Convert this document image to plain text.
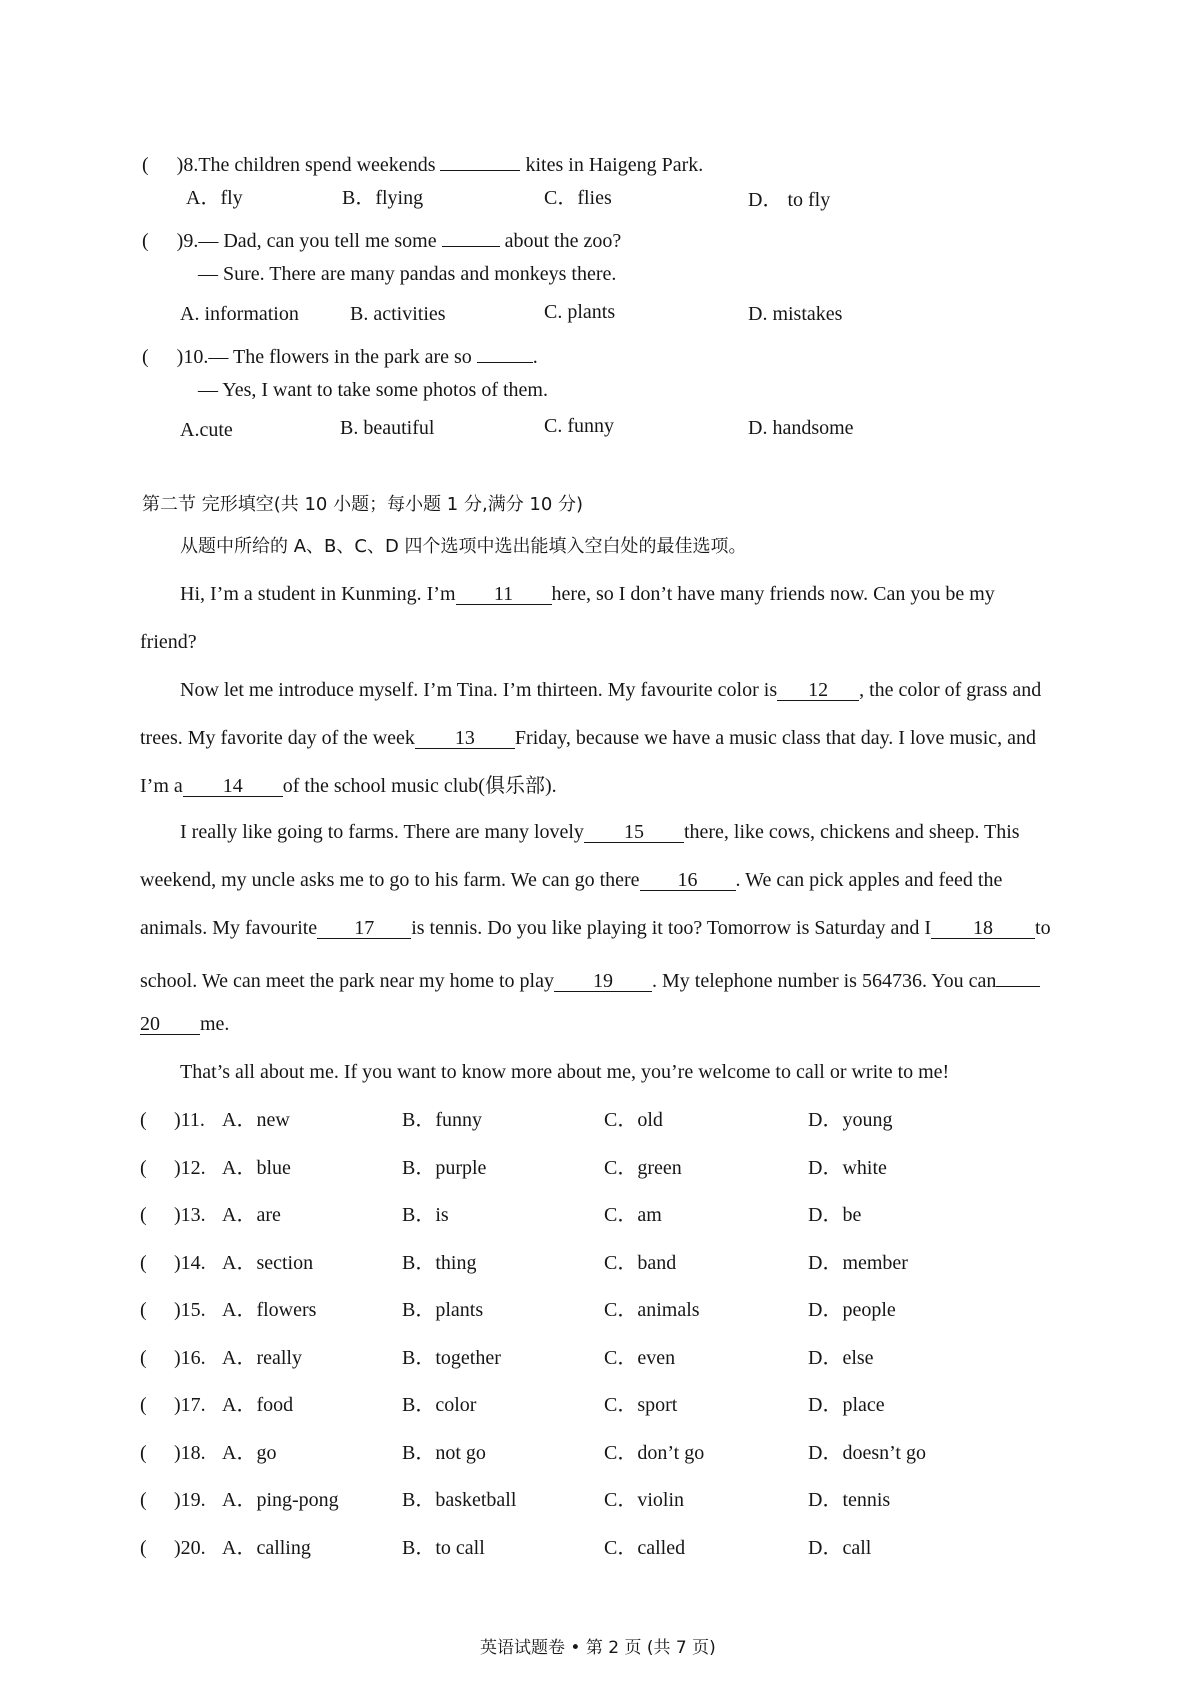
( )8.The children spend weekends	kites in Haigeng Park.
A．fly	B．flying	C．flies	D． to fly
( )9.— Dad, can you tell me some	about the zoo?
— Sure. There are many pandas and monkeys there.
A. information	B. activities	C. plants	D. mistakes
( )10.— The flowers in the park are so	.
— Yes, I want to take some photos of them.
A.cute	B. beautiful	C. funny	D. handsome
第二节 完形填空(共 10 小题；每小题 1 分,满分 10 分)
从题中所给的 A、B、C、D 四个选项中选出能填入空白处的最佳选项。
Hi, I’m a student in Kunming. I’m 11 here, so I don’t have many friends now. Can you be my
friend?
Now let me introduce myself. I’m Tina. I’m thirteen. My favourite color is 12 , the color of grass and
trees. My favorite day of the week 13 Friday, because we have a music class that day. I love music, and
I’m a 14 of the school music club(俱乐部).
I really like going to farms. There are many lovely 15 there, like cows, chickens and sheep. This
weekend, my uncle asks me to go to his farm. We can go there 16 . We can pick apples and feed the
animals. My favourite 17 is tennis. Do you like playing it too? Tomorrow is Saturday and I 18 to
school. We can meet the park near my home to play 19 . My telephone number is 564736. You can
20 me.
That’s all about me. If you want to know more about me, you’re welcome to call or write to me!
( )11. A．new	B．funny	C．old	D．young
( )12. A．blue	B．purple	C．green	D．white
( )13. A．are	B．is	C．am	D．be
( )14. A．section	B．thing	C．band	D．member
( )15. A．flowers	B．plants	C．animals	D．people
( )16. A．really	B．together	C．even	D．else
( )17. A．food	B．color	C．sport	D．place
( )18. A．go	B．not go	C．don’t go	D．doesn’t go
( )19. A．ping-pong	B．basketball	C．violin	D．tennis
( )20. A．calling	B．to call	C．called	D．call
英语试题卷 • 第 2 页 (共 7 页)
